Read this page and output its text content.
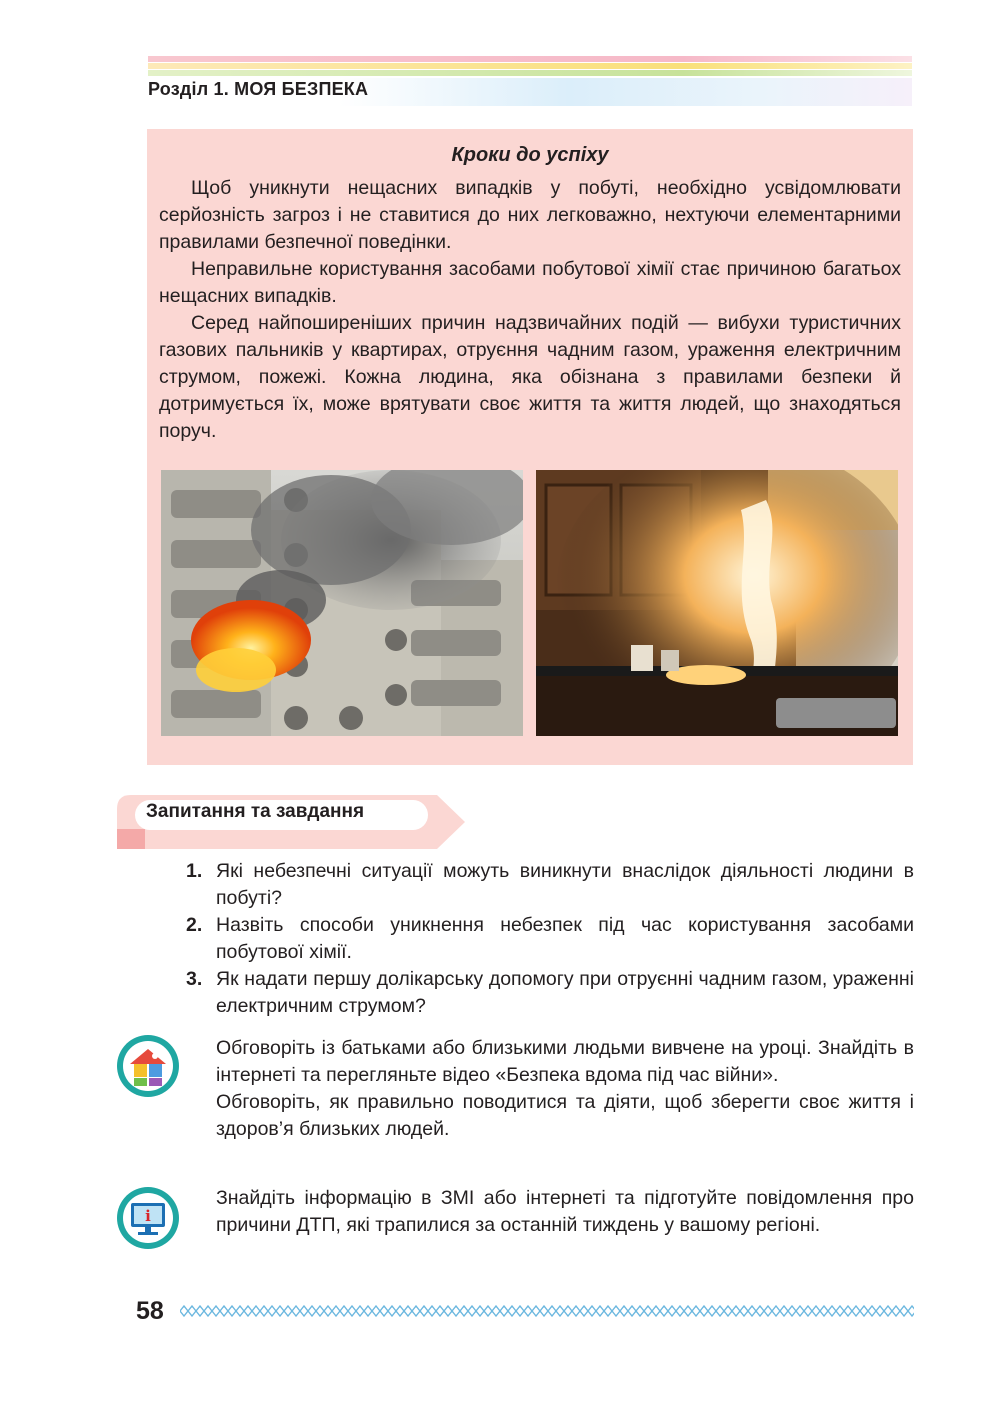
Розділ 1. МОЯ БЕЗПЕКА
Кроки до успіху

Щоб уникнути нещасних випадків у побуті, необхідно усвідомлювати серйозність загроз і не ставитися до них легковажно, нехтуючи елементарними правилами безпечної поведінки.

Неправильне користування засобами побутової хімії стає причиною багатьох нещасних випадків.

Серед найпоширеніших причин надзвичайних подій — вибухи туристичних газових пальників у квартирах, отруєння чадним газом, ураження електричним струмом, пожежі. Кожна людина, яка обізнана з правилами безпеки й дотримується їх, може врятувати своє життя та життя людей, що знаходяться поруч.

Запитання та завдання
1. Які небезпечні ситуації можуть виникнути внаслідок діяльності людини в побуті?
2. Назвіть способи уникнення небезпек під час користування засобами побутової хімії.
3. Як надати першу долікарську допомогу при отруєнні чадним газом, ураженні електричним струмом?

Обговоріть із батьками або близькими людьми вивчене на уроці. Знайдіть в інтернеті та перегляньте відео «Безпека вдома під час війни».

Обговоріть, як правильно поводитися та діяти, щоб зберегти своє життя і здоров’я близьких людей.

i

Знайдіть інформацію в ЗМІ або інтернеті та підготуйте повідомлення про причини ДТП, які трапилися за останній тиждень у вашому регіоні.

58
